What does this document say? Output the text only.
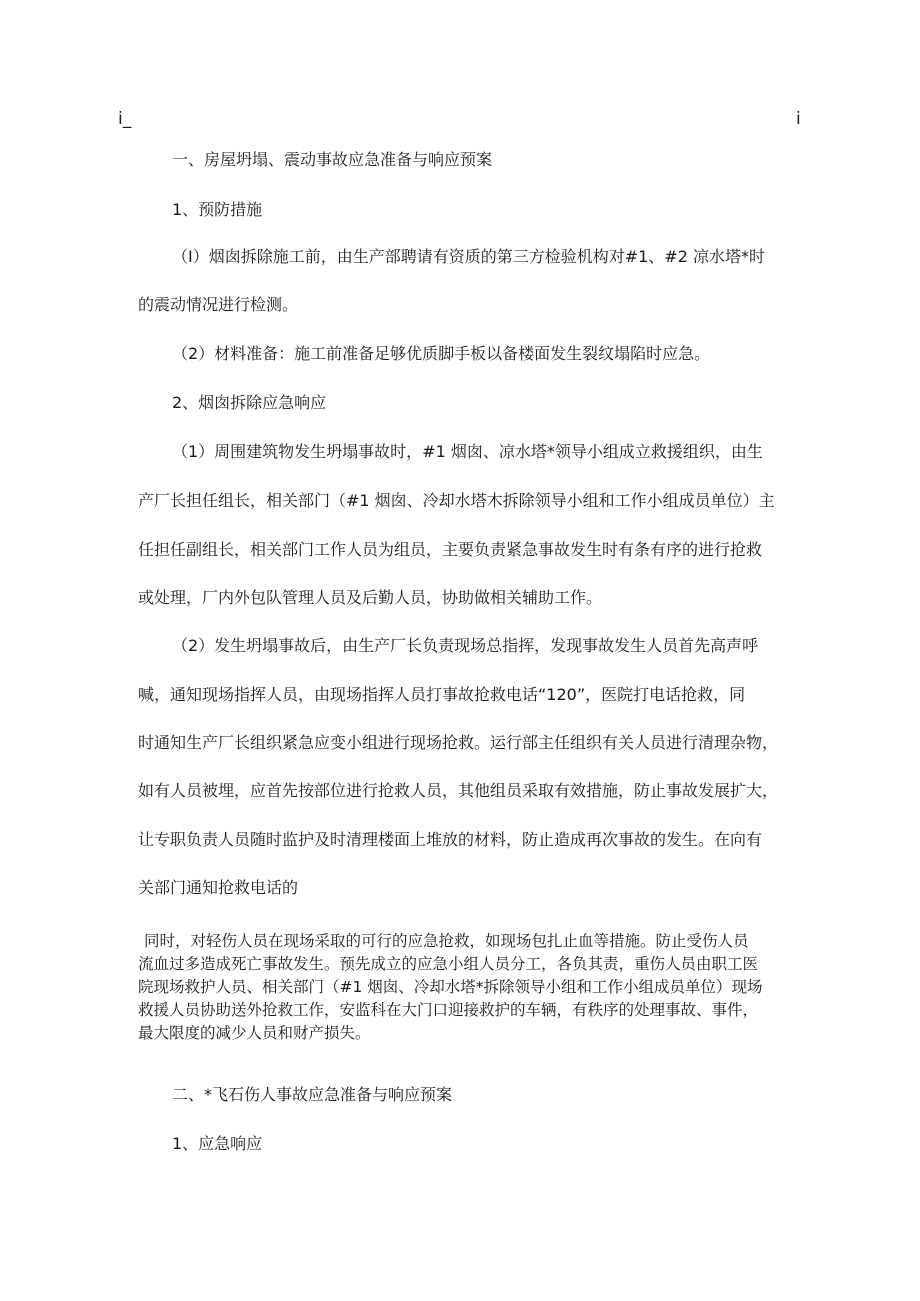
i_	i
一、房屋坍塌、震动事故应急准备与响应预案
1、预防措施
（I）烟囱拆除施工前，由生产部聘请有资质的第三方检验机构对#1、#2 凉水塔*时
的震动情况进行检测。
（2）材料准备：施工前准备足够优质脚手板以备楼面发生裂纹塌陷时应急。
2、烟囱拆除应急响应
（1）周围建筑物发生坍塌事故时，#1 烟囱、凉水塔*领导小组成立救援组织，由生
产厂长担任组长，相关部门（#1 烟囱、冷却水塔木拆除领导小组和工作小组成员单位）主
任担任副组长，相关部门工作人员为组员，主要负责紧急事故发生时有条有序的进行抢救
或处理，厂内外包队管理人员及后勤人员，协助做相关辅助工作。
（2）发生坍塌事故后，由生产厂长负责现场总指挥，发现事故发生人员首先高声呼
喊，通知现场指挥人员，由现场指挥人员打事故抢救电话“120”，医院打电话抢救，同
时通知生产厂长组织紧急应变小组进行现场抢救。运行部主任组织有关人员进行清理杂物，
如有人员被埋，应首先按部位进行抢救人员，其他组员采取有效措施，防止事故发展扩大，
让专职负责人员随时监护及时清理楼面上堆放的材料，防止造成再次事故的发生。在向有
关部门通知抢救电话的
同时，对轻伤人员在现场采取的可行的应急抢救，如现场包扎止血等措施。防止受伤人员
流血过多造成死亡事故发生。预先成立的应急小组人员分工，各负其责，重伤人员由职工医
院现场救护人员、相关部门（#1 烟囱、冷却水塔*拆除领导小组和工作小组成员单位）现场
救援人员协助送外抢救工作，安监科在大门口迎接救护的车辆，有秩序的处理事故、事件，
最大限度的减少人员和财产损失。
二、*飞石伤人事故应急准备与响应预案
1、应急响应
